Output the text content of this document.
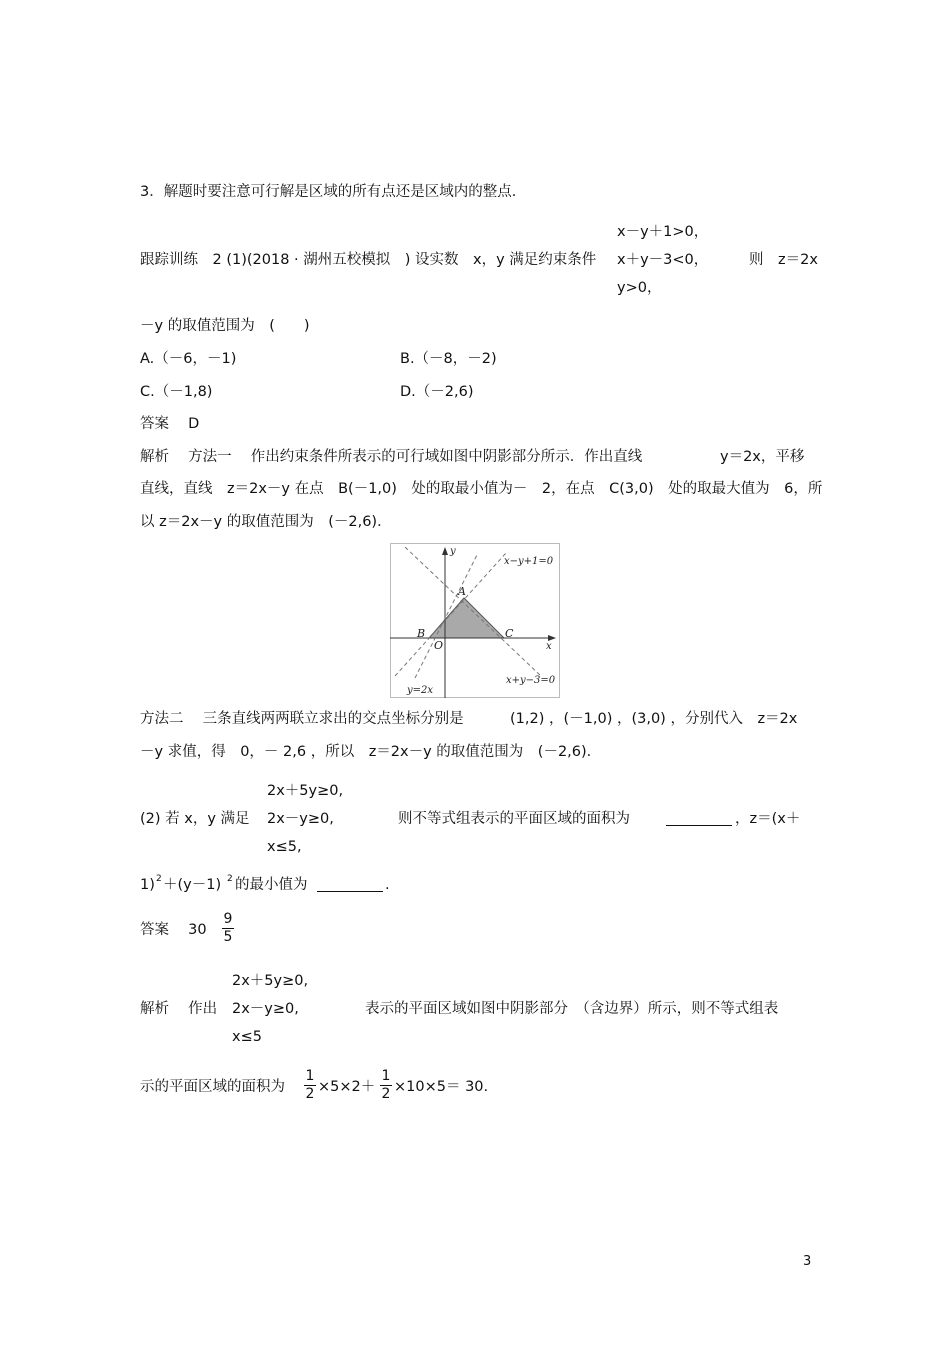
3．解题时要注意可行解是区域的所有点还是区域内的整点.
跟踪训练　2 (1)(2018 · 湖州五校模拟　) 设实数　x，y 满足约束条件
x－y＋1>0，
x＋y－3<0，
y>0，
则　z＝2x
－y 的取值范围为　(　　)
A.（－6，－1)	B.（－8，－2)
C.（－1,8)	D.（－2,6)
答案　 D
解析　 方法一　 作出约束条件所表示的可行域如图中阴影部分所示．作出直线	y＝2x，平移
直线，直线　z＝2x－y 在点　B(－1,0)　处的取最小值为－　2，在点　C(3,0)　处的取最大值为　6，所
以 z＝2x－y 的取值范围为　(－2,6)．
x−y+1=0
x+y−3=0
y=2x
y
x
A
B	C
O
方法二　 三条直线两两联立求出的交点坐标分别是	(1,2) ，(－1,0) ，(3,0) ，分别代入　z＝2x
－y 求值，得　0，－ 2,6 ，所以　z＝2x－y 的取值范围为　(－2,6)．
2x＋5y≥0,
2x－y≥0,
x≤5,
(2) 若 x，y 满足	则不等式组表示的平面区域的面积为	，z＝(x＋
1) 2 ＋(y－1) 2 的最小值为	.
答案　 30
9
5
2x＋5y≥0,
2x－y≥0,
x≤5
解析　 作出	表示的平面区域如图中阴影部分　（含边界）所示，则不等式组表
示的平面区域的面积为
1
2 ×5×2＋
1
2 ×10×5＝ 30.
3
